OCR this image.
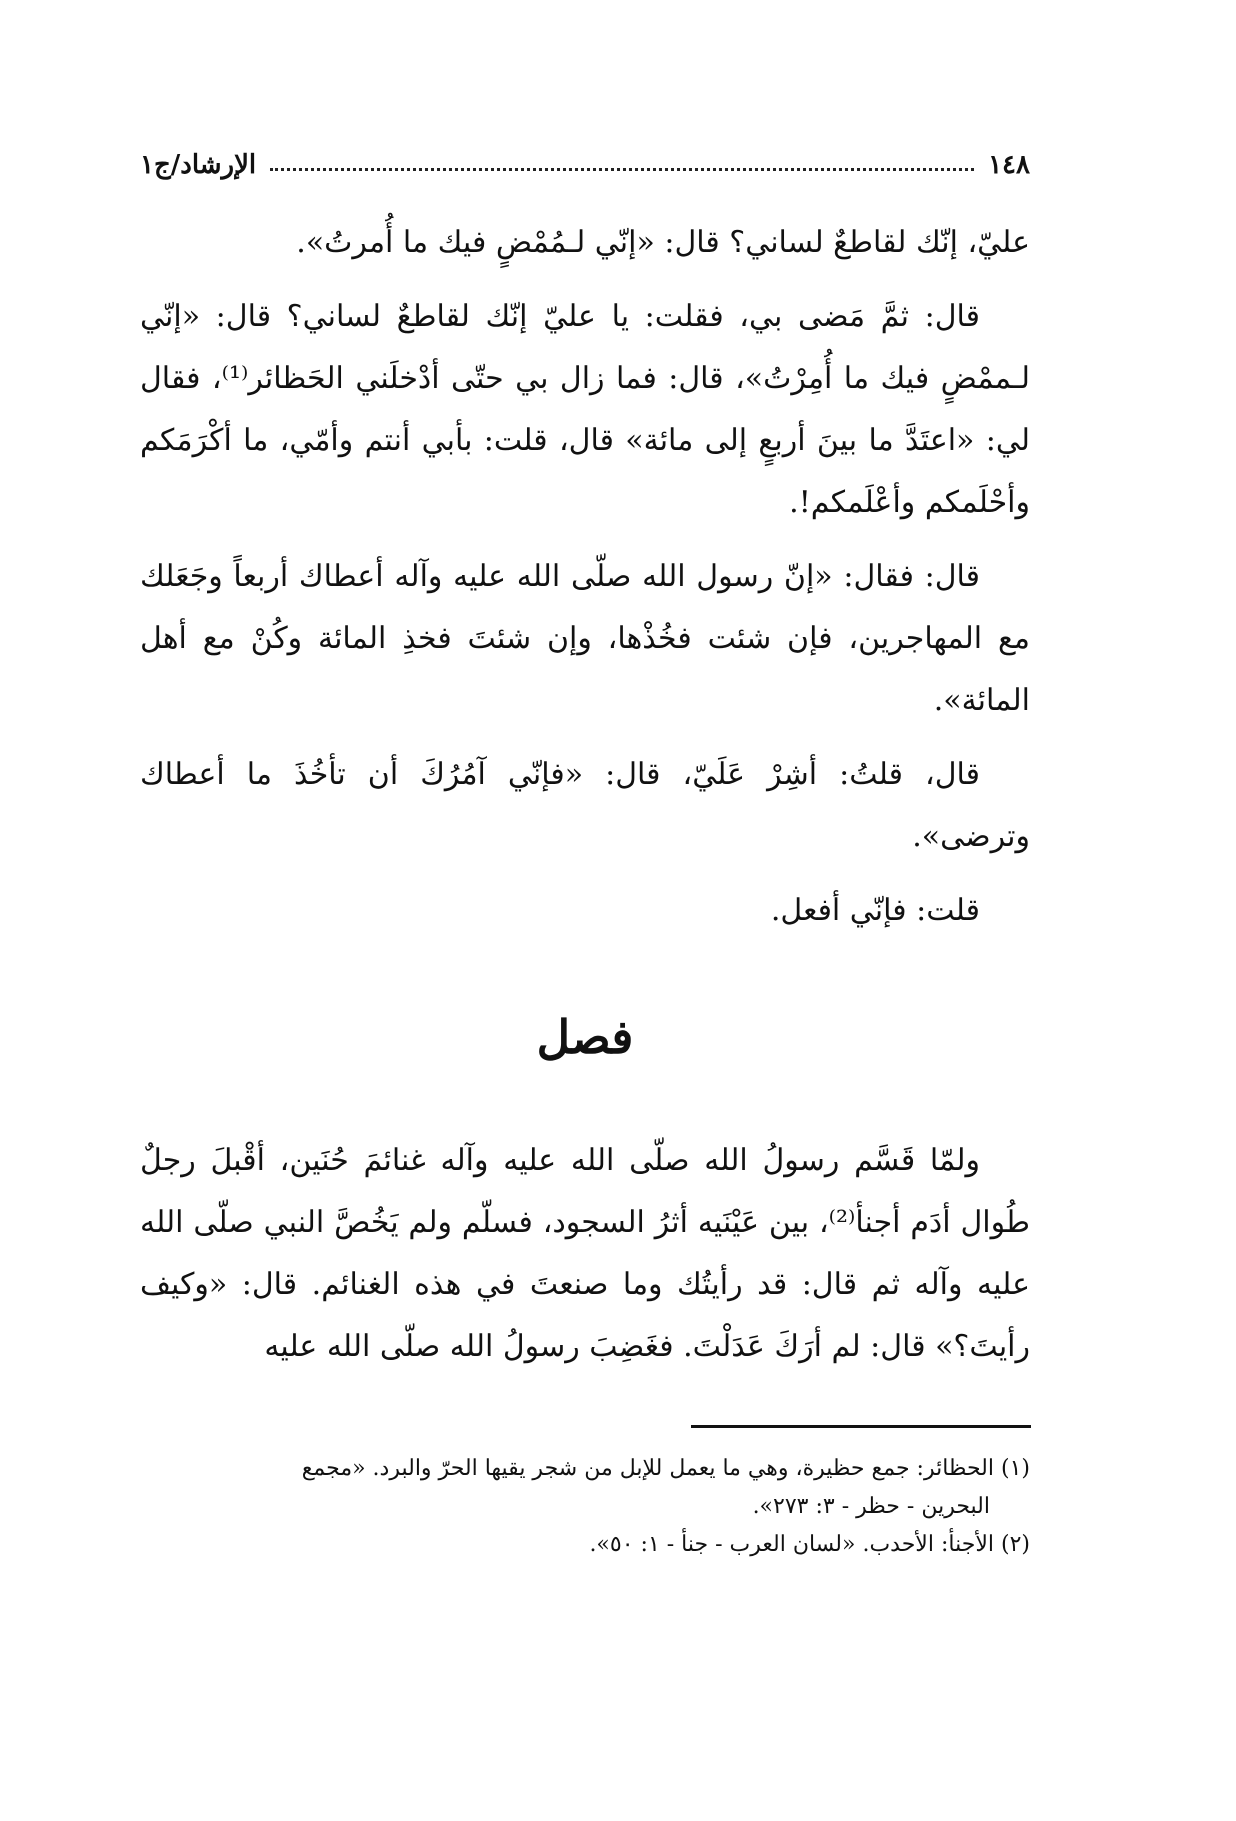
١٤٨
الإرشاد/ج١

عليّ، إنّك لقاطعٌ لساني؟ قال: «إنّي لـمُمْضٍ فيك ما أُمرتُ».

قال: ثمَّ مَضى بي، فقلت: يا عليّ إنّك لقاطعٌ لساني؟ قال: «إنّي لـممْضٍ فيك ما أُمِرْتُ»، قال: فما زال بي حتّى أدْخلَني الحَظائر⁽¹⁾، فقال لي: «اعتَدَّ ما بينَ أربعٍ إلى مائة» قال، قلت: بأبي أنتم وأمّي، ما أكْرَمَكم وأحْلَمكم وأعْلَمكم!.

قال: فقال: «إنّ رسول الله صلّى الله عليه وآله أعطاك أربعاً وجَعَلك مع المهاجرين، فإن شئت فخُذْها، وإن شئتَ فخذِ المائة وكُنْ مع أهل المائة».

قال، قلتُ: أشِرْ عَلَيّ، قال: «فإنّي آمُرُكَ أن تأخُذَ ما أعطاك وترضى».

قلت: فإنّي أفعل.

فصل

ولمّا قَسَّم رسولُ الله صلّى الله عليه وآله غنائمَ حُنَين، أقْبلَ رجلٌ طُوال أدَم أجنأ⁽²⁾، بين عَيْنَيه أثرُ السجود، فسلّم ولم يَخُصَّ النبي صلّى الله عليه وآله ثم قال: قد رأيتُك وما صنعتَ في هذه الغنائم. قال: «وكيف رأيتَ؟» قال: لم أرَكَ عَدَلْتَ. فغَضِبَ رسولُ الله صلّى الله عليه

(١) الحظائر: جمع حظيرة، وهي ما يعمل للإبل من شجر يقيها الحرّ والبرد. «مجمع

البحرين - حظر - ٣: ٢٧٣».

(٢) الأجنأ: الأحدب. «لسان العرب - جنأ - ١: ٥٠».
